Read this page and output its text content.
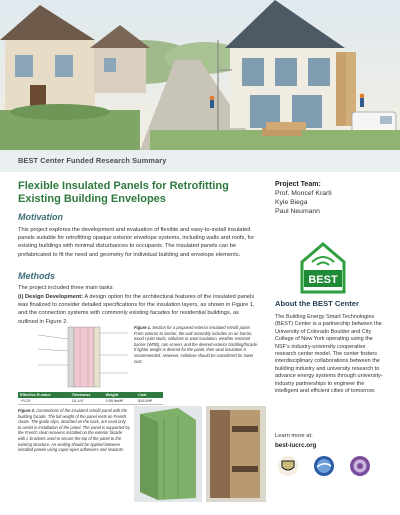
BEST Center Funded Research Summary
Flexible Insulated Panels for Retrofitting
Existing Building Envelopes
Project Team:
Prof. Moncef Krarti
Kyle Biega
Paul Neumann
Motivation
This project explores the development and evaluation of flexible and easy-to-install insulated panels suitable for retrofitting opaque exterior envelope systems, including walls and roofs, for existing buildings with minimal disturbances to occupants. The insulated panels can be prefabricated to fit the need and geometry for individual building and envelope elements.
Methods
The project included three main tasks:
(i) Design Development: A design option for the architectural features of the insulated panels was finalized to consider detailed specifications for the insulation layers, as shown in Figure 1, and the connection systems with commonly existing facades for residential buildings, as outlined in Figure 2.
Figure 1. Section for a proposed exterior insulated retrofit panel. From exterior to interior, the wall assembly includes an air barrier, wood I-joist studs, cellulose or wool insulation, weather-resistant barrier (WRB), rain screen, and the desired exterior cladding/facade. If lighter weight is desired for the panel, then wool insulation is recommended. However, cellulose should be considered for lower cost.
Effective R-value	Thickness	Weight	Cost
~R-29	10-1/4"	3.59 lbs/ft²	$15.5/ft²
Figure 2. Connections of the insulated retrofit panel with the building facade. The full weight of the panel rests on French cleats. The guide clips, attached on the back, are used only to assist in installation of the panel. The panel is supported by the French cleat receivers installed on the exterior facade with L-brackets used to secure the top of the panel to the existing structure. An sealing should be applied between installed panels using vapor-open adhesives and sealants.
BEST
About the BEST Center
The Building Energy Smart Technologies (BEST) Center is a partnership between the University of Colorado Boulder and City College of New York operating using the NSF's industry-university cooperative research center model. The center fosters interdisciplinary collaborations between the building industry and university research to advance energy systems through university-industry partnerships to engineer the intelligent and efficient cities of tomorrow.
Learn more at:
best-iucrc.org
